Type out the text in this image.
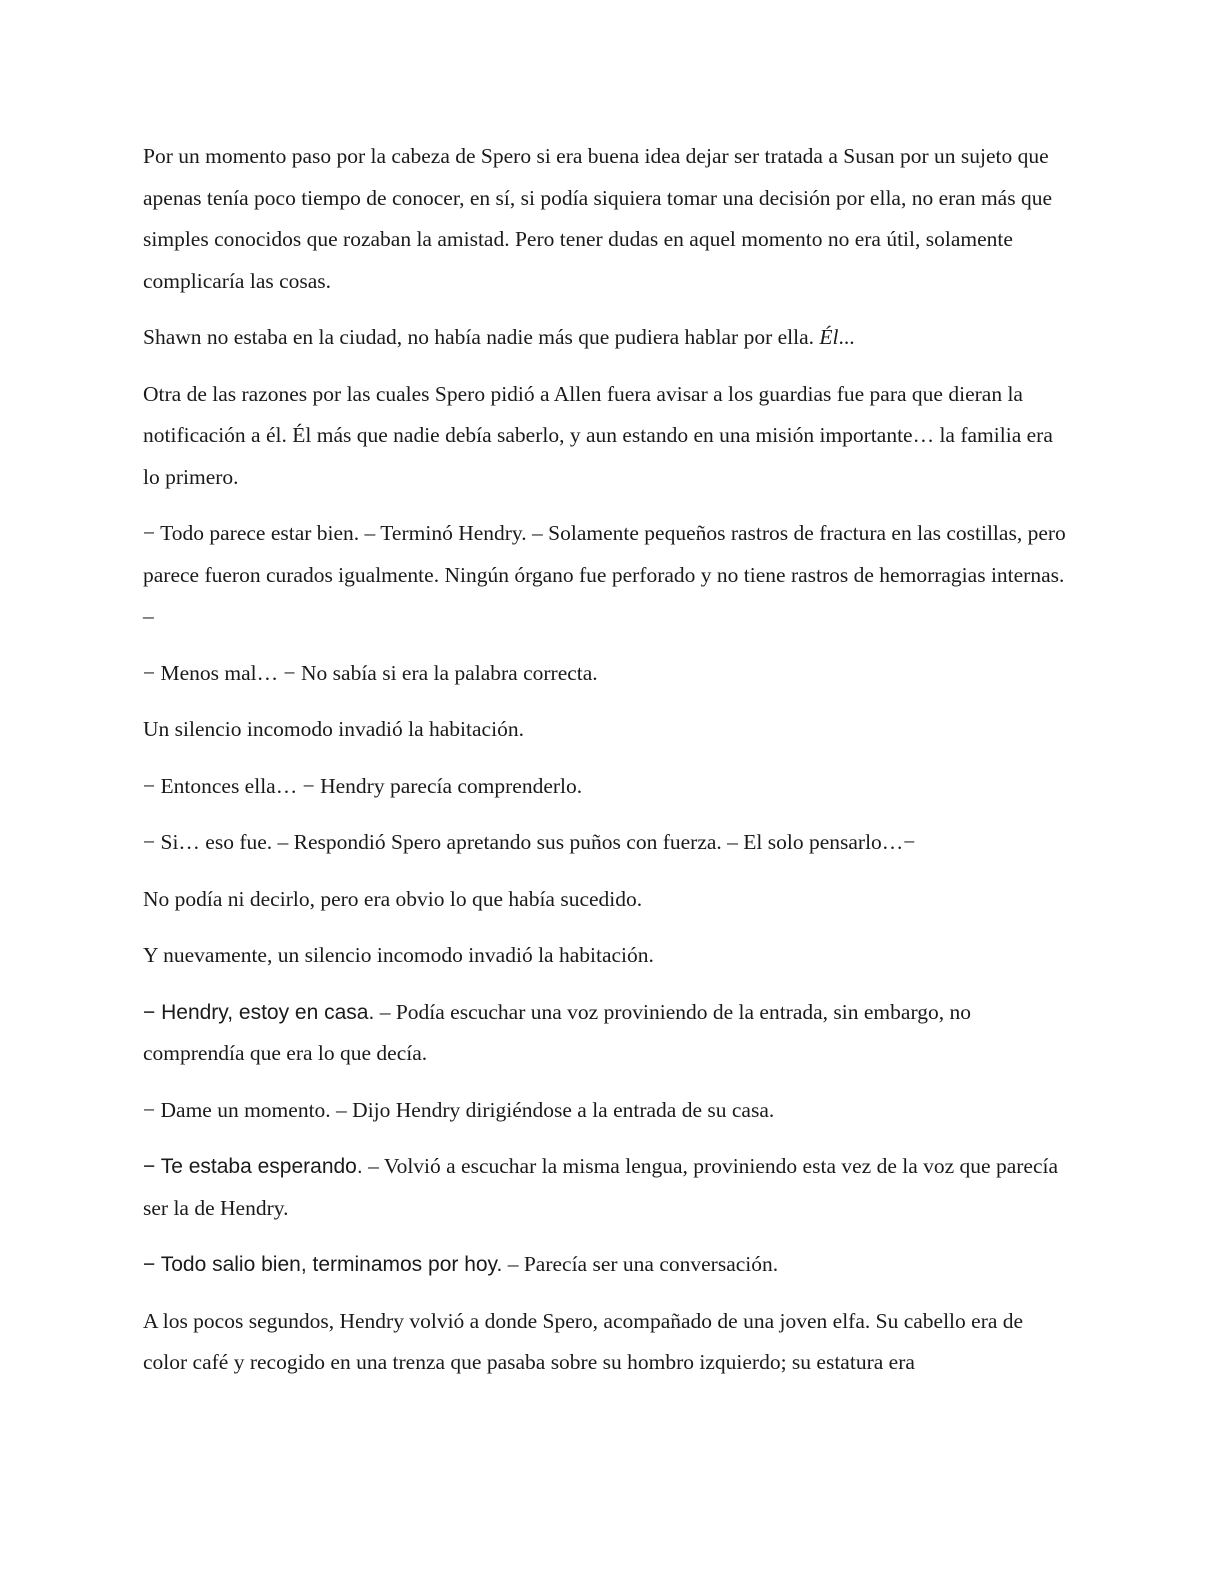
Por un momento paso por la cabeza de Spero si era buena idea dejar ser tratada a Susan por un sujeto que apenas tenía poco tiempo de conocer, en sí, si podía siquiera tomar una decisión por ella, no eran más que simples conocidos que rozaban la amistad. Pero tener dudas en aquel momento no era útil, solamente complicaría las cosas.

Shawn no estaba en la ciudad, no había nadie más que pudiera hablar por ella. Él...

Otra de las razones por las cuales Spero pidió a Allen fuera avisar a los guardias fue para que dieran la notificación a él. Él más que nadie debía saberlo, y aun estando en una misión importante… la familia era lo primero.

− Todo parece estar bien. – Terminó Hendry. – Solamente pequeños rastros de fractura en las costillas, pero parece fueron curados igualmente. Ningún órgano fue perforado y no tiene rastros de hemorragias internas. –

− Menos mal… − No sabía si era la palabra correcta.

Un silencio incomodo invadió la habitación.

− Entonces ella… − Hendry parecía comprenderlo.

− Si… eso fue. – Respondió Spero apretando sus puños con fuerza. – El solo pensarlo…−

No podía ni decirlo, pero era obvio lo que había sucedido.

Y nuevamente, un silencio incomodo invadió la habitación.

− Hendry, estoy en casa. – Podía escuchar una voz proviniendo de la entrada, sin embargo, no comprendía que era lo que decía.

− Dame un momento. – Dijo Hendry dirigiéndose a la entrada de su casa.

− Te estaba esperando. – Volvió a escuchar la misma lengua, proviniendo esta vez de la voz que parecía ser la de Hendry.

− Todo salio bien, terminamos por hoy. – Parecía ser una conversación.

A los pocos segundos, Hendry volvió a donde Spero, acompañado de una joven elfa. Su cabello era de color café y recogido en una trenza que pasaba sobre su hombro izquierdo; su estatura era
